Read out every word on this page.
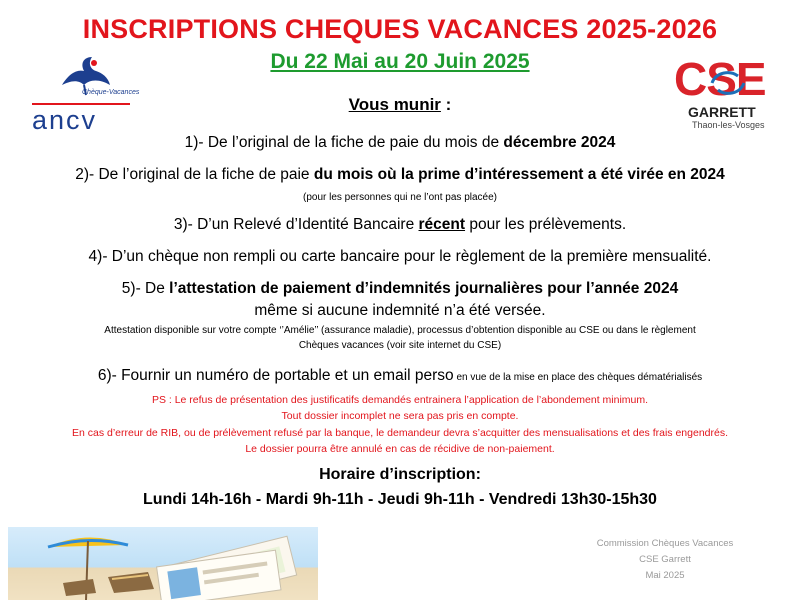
INSCRIPTIONS CHEQUES VACANCES 2025-2026
Du 22 Mai au 20 Juin 2025
Chèque-Vacances
ancv
CSE
GARRETT
Thaon-les-Vosges
Vous munir :
1)- De l’original de la fiche de paie du mois de décembre 2024
2)- De l’original de la fiche de paie du mois où la prime d’intéressement a été virée en 2024
(pour les personnes qui ne l’ont pas placée)
3)- D’un Relevé d’Identité Bancaire récent pour les prélèvements.
4)- D’un chèque non rempli ou carte bancaire pour le règlement de la première mensualité.
5)- De l’attestation de paiement d’indemnités journalières pour l’année 2024
même si aucune indemnité n’a été versée.
Attestation disponible sur votre compte ‘’Amélie’’ (assurance maladie), processus d’obtention disponible au CSE ou dans le règlement
Chèques vacances (voir site internet du CSE)
6)- Fournir un numéro de portable et un email perso en vue de la mise en place des chèques dématérialisés
PS : Le refus de présentation des justificatifs demandés entrainera l’application de l’abondement minimum.
Tout dossier incomplet ne sera pas pris en compte.
En cas d’erreur de RIB, ou de prélèvement refusé par la banque, le demandeur devra s’acquitter des mensualisations et des frais engendrés.
Le dossier pourra être annulé en cas de récidive de non-paiement.
Horaire d’inscription:
Lundi 14h-16h - Mardi 9h-11h - Jeudi 9h-11h - Vendredi 13h30-15h30
Commission Chèques Vacances
CSE Garrett
Mai 2025
